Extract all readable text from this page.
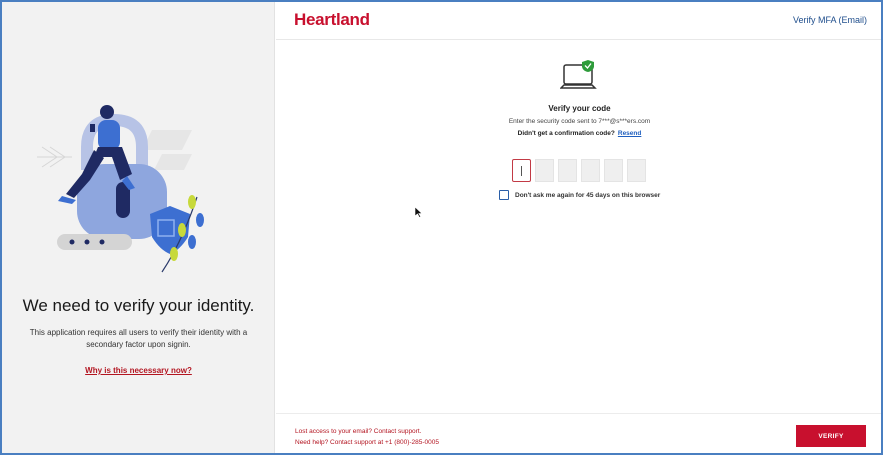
We need to verify your identity.
This application requires all users to verify their identity with a secondary factor upon signin.
Why is this necessary now?
Heartland	Verify MFA (Email)
Verify your code
Enter the security code sent to 7***@s***ers.com
Didn't get a confirmation code? Resend
Don't ask me again for 45 days on this browser
Lost access to your email? Contact support.
Need help? Contact support at +1 (800)-285-0005
VERIFY
